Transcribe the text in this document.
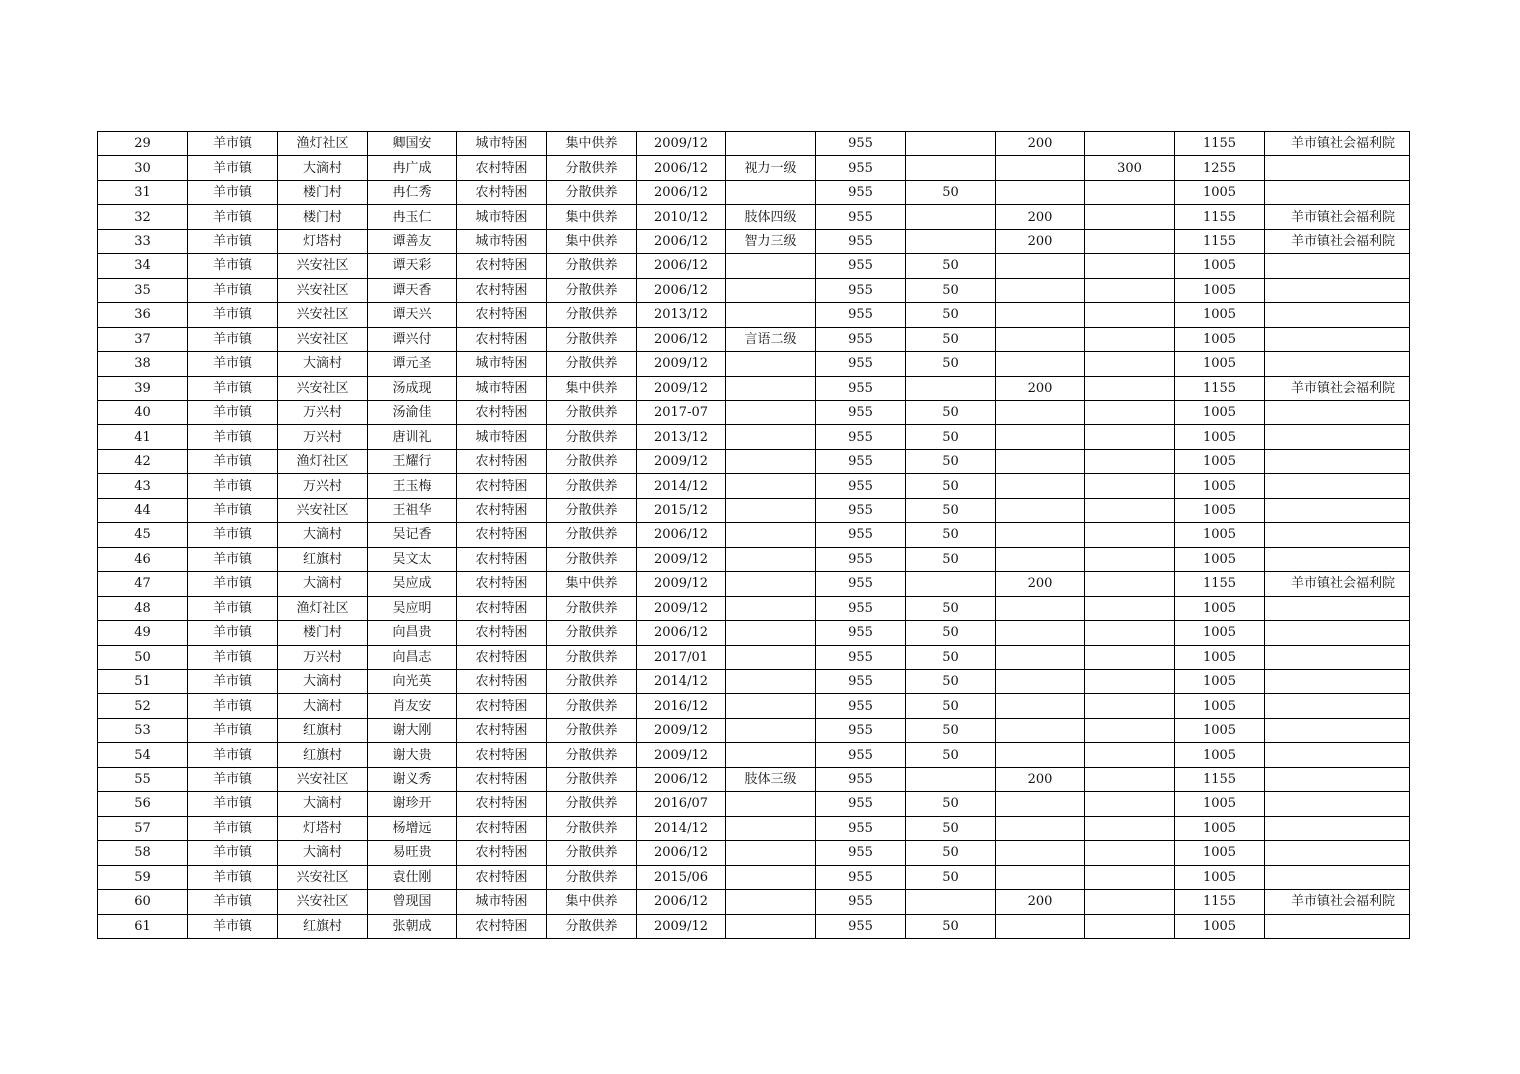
29	羊市镇	渔灯社区	卿国安	城市特困	集中供养	2009/12		955		200		1155	羊市镇社会福利院
30	羊市镇	大滴村	冉广成	农村特困	分散供养	2006/12	视力一级	955			300	1255	
31	羊市镇	楼门村	冉仁秀	农村特困	分散供养	2006/12		955	50			1005	
32	羊市镇	楼门村	冉玉仁	城市特困	集中供养	2010/12	肢体四级	955		200		1155	羊市镇社会福利院
33	羊市镇	灯塔村	谭善友	城市特困	集中供养	2006/12	智力三级	955		200		1155	羊市镇社会福利院
34	羊市镇	兴安社区	谭天彩	农村特困	分散供养	2006/12		955	50			1005	
35	羊市镇	兴安社区	谭天香	农村特困	分散供养	2006/12		955	50			1005	
36	羊市镇	兴安社区	谭天兴	农村特困	分散供养	2013/12		955	50			1005	
37	羊市镇	兴安社区	谭兴付	农村特困	分散供养	2006/12	言语二级	955	50			1005	
38	羊市镇	大滴村	谭元圣	城市特困	分散供养	2009/12		955	50			1005	
39	羊市镇	兴安社区	汤成现	城市特困	集中供养	2009/12		955		200		1155	羊市镇社会福利院
40	羊市镇	万兴村	汤渝佳	农村特困	分散供养	2017-07		955	50			1005	
41	羊市镇	万兴村	唐训礼	城市特困	分散供养	2013/12		955	50			1005	
42	羊市镇	渔灯社区	王耀行	农村特困	分散供养	2009/12		955	50			1005	
43	羊市镇	万兴村	王玉梅	农村特困	分散供养	2014/12		955	50			1005	
44	羊市镇	兴安社区	王祖华	农村特困	分散供养	2015/12		955	50			1005	
45	羊市镇	大滴村	吴记香	农村特困	分散供养	2006/12		955	50			1005	
46	羊市镇	红旗村	吴文太	农村特困	分散供养	2009/12		955	50			1005	
47	羊市镇	大滴村	吴应成	农村特困	集中供养	2009/12		955		200		1155	羊市镇社会福利院
48	羊市镇	渔灯社区	吴应明	农村特困	分散供养	2009/12		955	50			1005	
49	羊市镇	楼门村	向昌贵	农村特困	分散供养	2006/12		955	50			1005	
50	羊市镇	万兴村	向昌志	农村特困	分散供养	2017/01		955	50			1005	
51	羊市镇	大滴村	向光英	农村特困	分散供养	2014/12		955	50			1005	
52	羊市镇	大滴村	肖友安	农村特困	分散供养	2016/12		955	50			1005	
53	羊市镇	红旗村	谢大刚	农村特困	分散供养	2009/12		955	50			1005	
54	羊市镇	红旗村	谢大贵	农村特困	分散供养	2009/12		955	50			1005	
55	羊市镇	兴安社区	谢义秀	农村特困	分散供养	2006/12	肢体三级	955		200		1155	
56	羊市镇	大滴村	谢珍开	农村特困	分散供养	2016/07		955	50			1005	
57	羊市镇	灯塔村	杨增远	农村特困	分散供养	2014/12		955	50			1005	
58	羊市镇	大滴村	易旺贵	农村特困	分散供养	2006/12		955	50			1005	
59	羊市镇	兴安社区	袁仕刚	农村特困	分散供养	2015/06		955	50			1005	
60	羊市镇	兴安社区	曾现国	城市特困	集中供养	2006/12		955		200		1155	羊市镇社会福利院
61	羊市镇	红旗村	张朝成	农村特困	分散供养	2009/12		955	50			1005	
